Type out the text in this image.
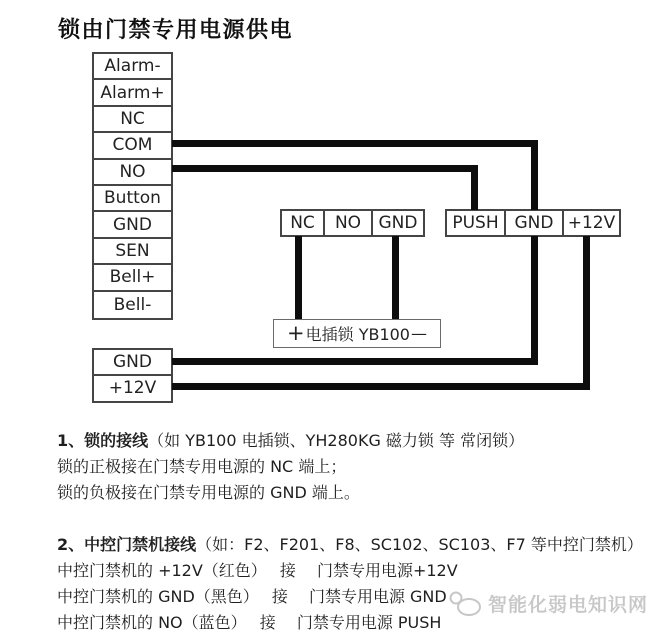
锁由门禁专用电源供电
Alarm-
Alarm+
NC
COM
NO
Button
GND
SEN
Bell+
Bell-
GND
+12V
NC	NO	GND	PUSH GND +12V
+ 电插锁 YB100 —
1、锁的接线（如 YB100 电插锁、YH280KG 磁力锁 等 常闭锁）
锁的正极接在门禁专用电源的 NC 端上；
锁的负极接在门禁专用电源的 GND 端上。
2、中控门禁机接线（如：F2、F201、F8、SC102、SC103、F7 等中控门禁机）
中控门禁机的 +12V（红色）　 接　 门禁专用电源+12V
中控门禁机的 GND（黑色）　 接　 门禁专用电源 GND
中控门禁机的 NO（蓝色）　 接　 门禁专用电源 PUSH
智能化弱电知识网
